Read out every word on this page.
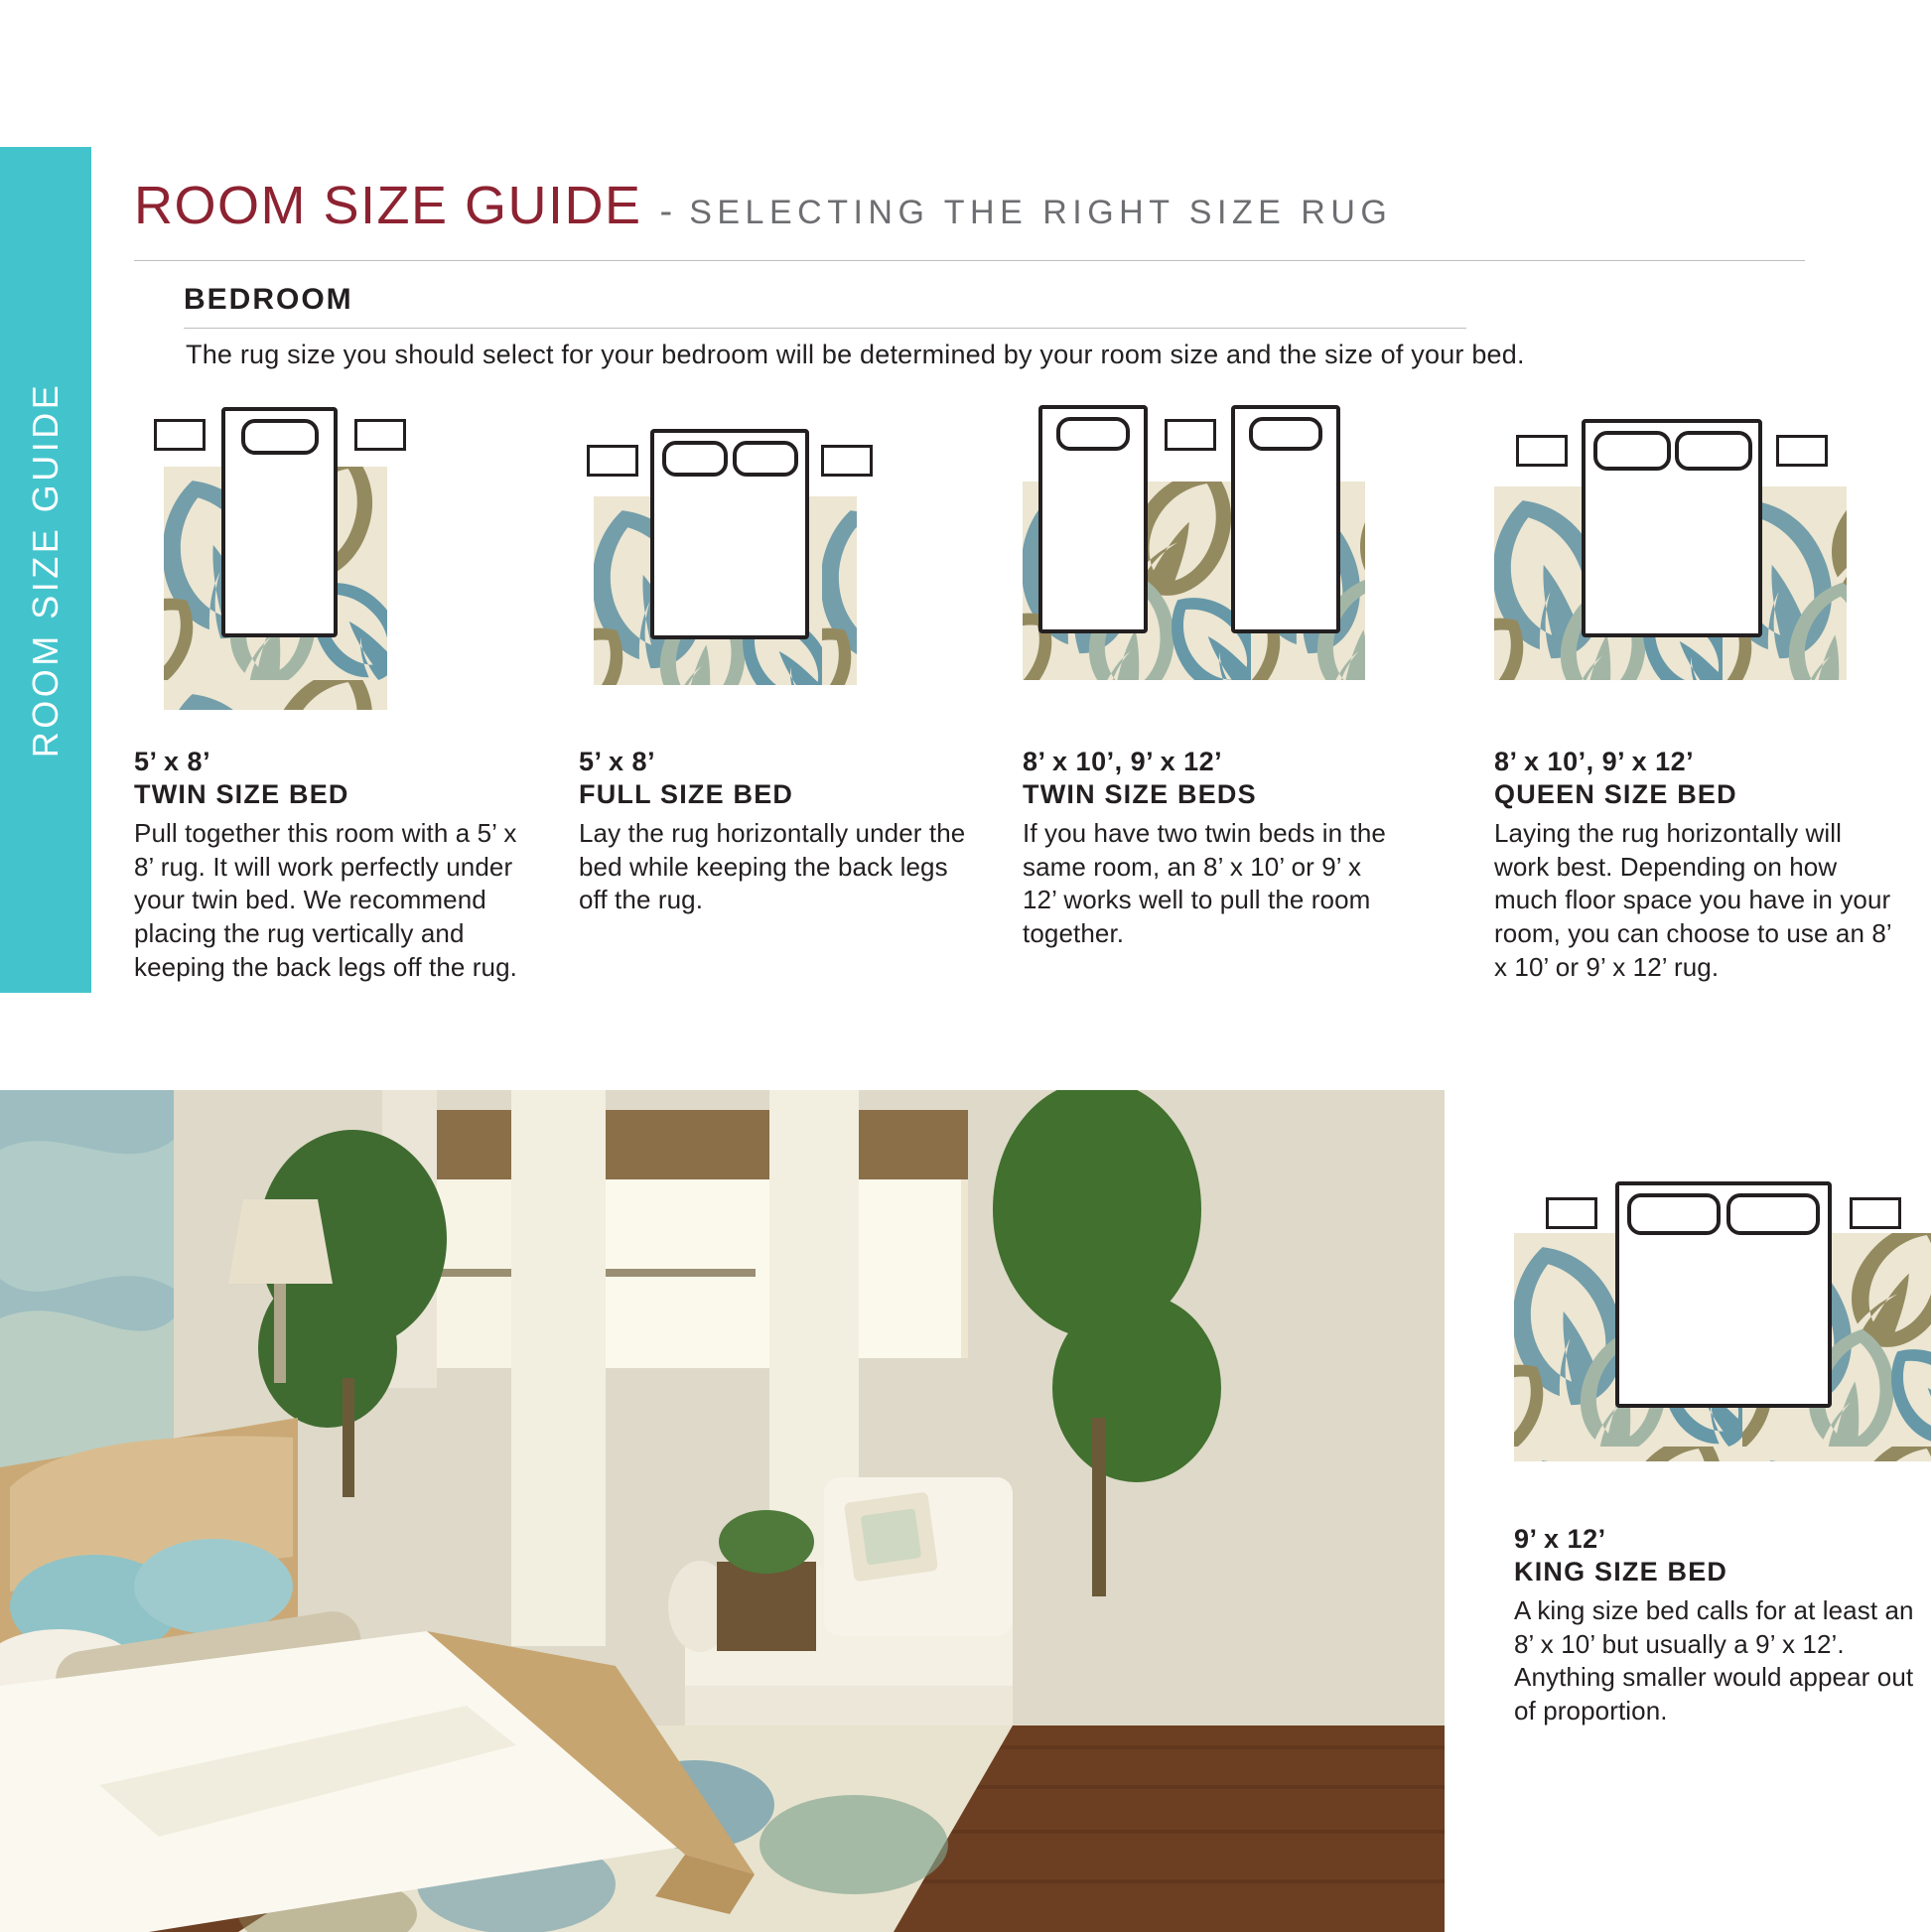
ROOM SIZE GUIDE
ROOM SIZE GUIDE - SELECTING THE RIGHT SIZE RUG
BEDROOM
The rug size you should select for your bedroom will be determined by your room size and the size of your bed.
5’ x 8’
TWIN SIZE BED
Pull together this room with a 5’ x 8’ rug. It will work perfectly under your twin bed. We recommend placing the rug vertically and keeping the back legs off the rug.
5’ x 8’
FULL SIZE BED
Lay the rug horizontally under the bed while keeping the back legs off the rug.
8’ x 10’, 9’ x 12’
TWIN SIZE BEDS
If you have two twin beds in the same room, an 8’ x 10’ or 9’ x 12’ works well to pull the room together.
8’ x 10’, 9’ x 12’
QUEEN SIZE BED
Laying the rug horizontally will work best. Depending on how much floor space you have in your room, you can choose to use an 8’ x 10’ or 9’ x 12’ rug.
9’ x 12’
KING SIZE BED
A king size bed calls for at least an 8’ x 10’ but usually a 9’ x 12’. Anything smaller would appear out of proportion.
